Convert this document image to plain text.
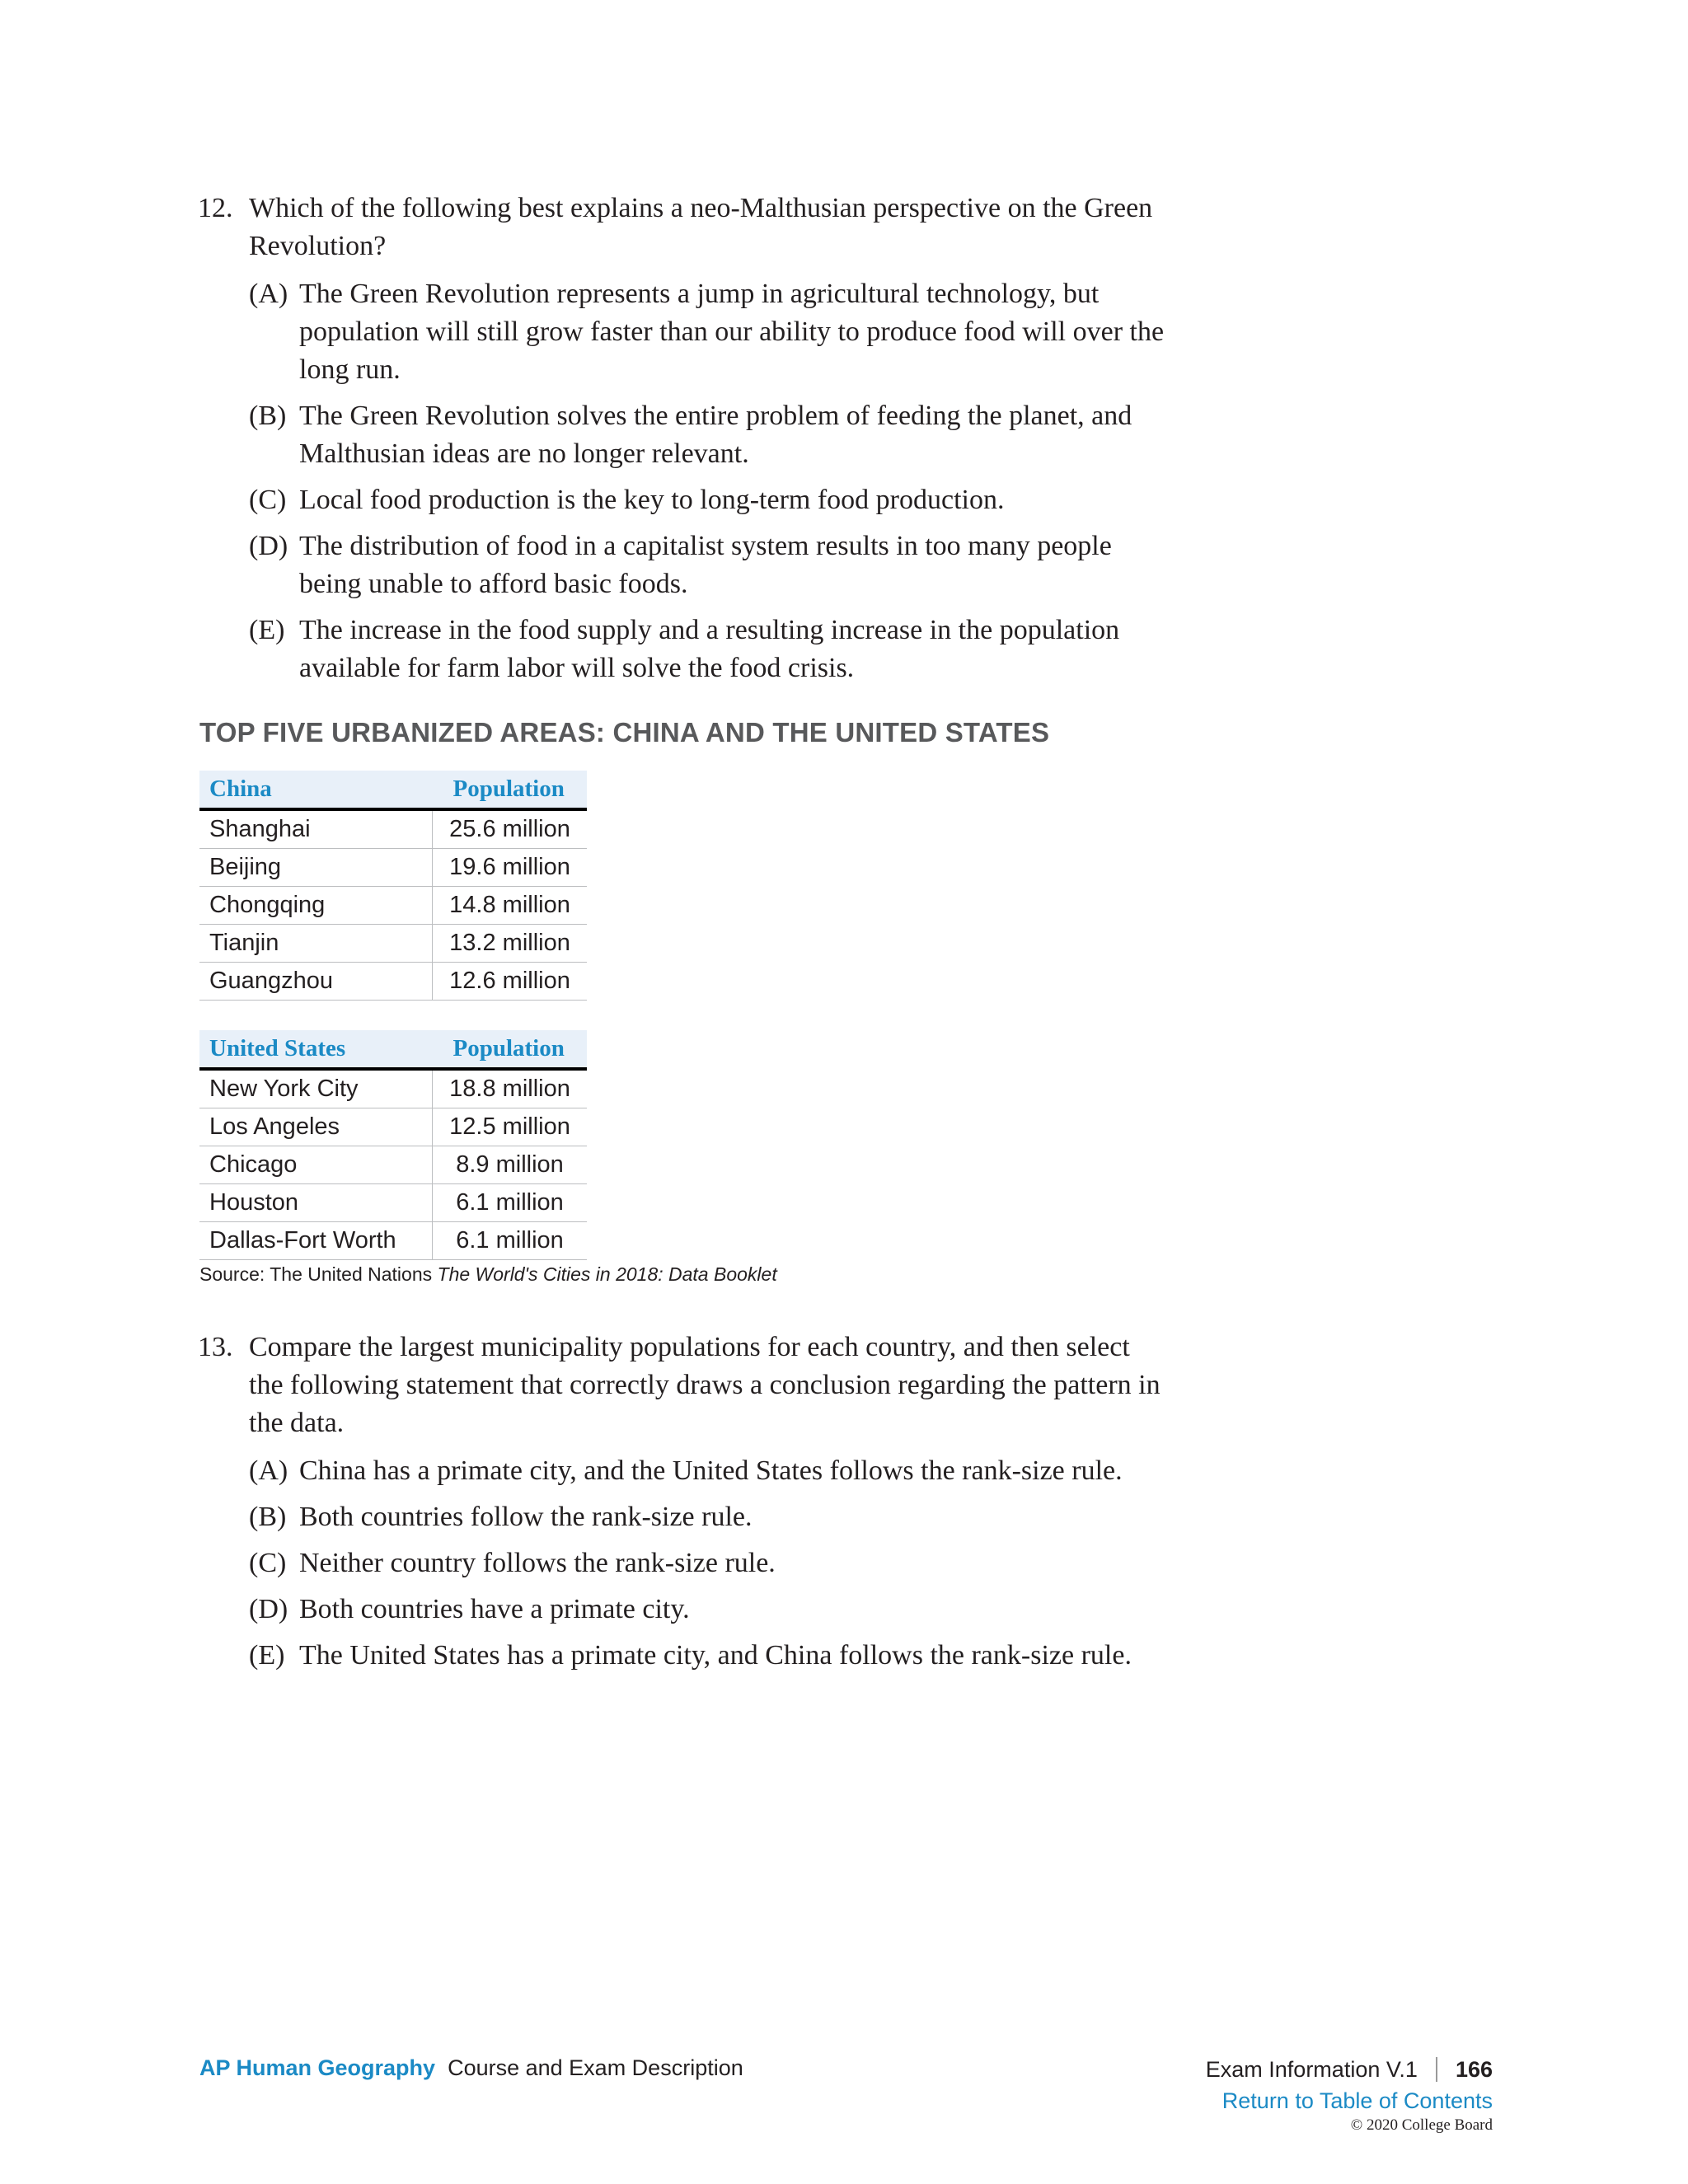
12. Which of the following best explains a neo-Malthusian perspective on the Green Revolution?
(A) The Green Revolution represents a jump in agricultural technology, but population will still grow faster than our ability to produce food will over the long run.
(B) The Green Revolution solves the entire problem of feeding the planet, and Malthusian ideas are no longer relevant.
(C) Local food production is the key to long-term food production.
(D) The distribution of food in a capitalist system results in too many people being unable to afford basic foods.
(E) The increase in the food supply and a resulting increase in the population available for farm labor will solve the food crisis.
TOP FIVE URBANIZED AREAS: CHINA AND THE UNITED STATES
China	Population
Shanghai	25.6 million
Beijing	19.6 million
Chongqing	14.8 million
Tianjin	13.2 million
Guangzhou	12.6 million
United States	Population
New York City	18.8 million
Los Angeles	12.5 million
Chicago	8.9 million
Houston	6.1 million
Dallas-Fort Worth	6.1 million
Source: The United Nations The World's Cities in 2018: Data Booklet
13. Compare the largest municipality populations for each country, and then select the following statement that correctly draws a conclusion regarding the pattern in the data.
(A) China has a primate city, and the United States follows the rank-size rule.
(B) Both countries follow the rank-size rule.
(C) Neither country follows the rank-size rule.
(D) Both countries have a primate city.
(E) The United States has a primate city, and China follows the rank-size rule.
AP Human Geography Course and Exam Description	Exam Information
V.1 166
Return to Table of Contents
© 2020 College Board
